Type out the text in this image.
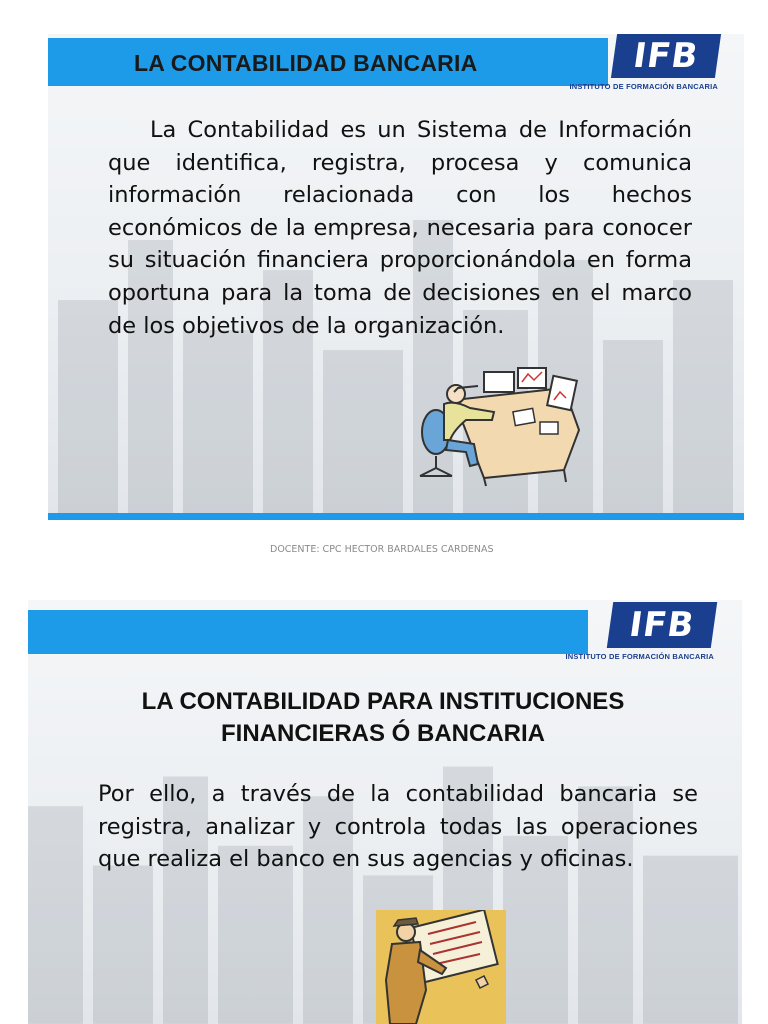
LA CONTABILIDAD BANCARIA	IFB
INSTITUTO DE FORMACIÓN BANCARIA

La Contabilidad es un Sistema de Información que identifica, registra, procesa y comunica información relacionada con los hechos económicos de la empresa, necesaria para conocer su situación financiera proporcionándola en forma oportuna para la toma de decisiones en el marco de los objetivos de la organización.

DOCENTE: CPC HECTOR BARDALES CARDENAS

IFB
INSTITUTO DE FORMACIÓN BANCARIA
LA CONTABILIDAD PARA INSTITUCIONES
FINANCIERAS Ó BANCARIA

Por ello, a través de la contabilidad bancaria se registra, analizar y controla todas las operaciones que realiza el banco en sus agencias y oficinas.
